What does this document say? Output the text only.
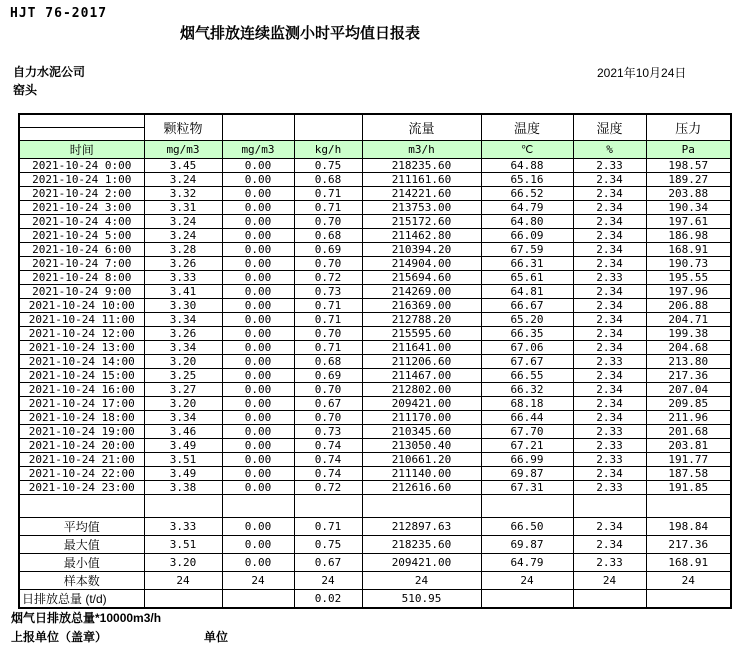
HJT 76-2017
烟气排放连续监测小时平均值日报表
自力水泥公司
窑头
2021年10月24日
	颗粒物			流量	温度	湿度	压力
时间	mg/m3	mg/m3	kg/h	m3/h	℃	%	Pa
2021-10-24 0:00	3.45	0.00	0.75	218235.60	64.88	2.33	198.57
2021-10-24 1:00	3.24	0.00	0.68	211161.60	65.16	2.34	189.27
2021-10-24 2:00	3.32	0.00	0.71	214221.60	66.52	2.34	203.88
2021-10-24 3:00	3.31	0.00	0.71	213753.00	64.79	2.34	190.34
2021-10-24 4:00	3.24	0.00	0.70	215172.60	64.80	2.34	197.61
2021-10-24 5:00	3.24	0.00	0.68	211462.80	66.09	2.34	186.98
2021-10-24 6:00	3.28	0.00	0.69	210394.20	67.59	2.34	168.91
2021-10-24 7:00	3.26	0.00	0.70	214904.00	66.31	2.34	190.73
2021-10-24 8:00	3.33	0.00	0.72	215694.60	65.61	2.33	195.55
2021-10-24 9:00	3.41	0.00	0.73	214269.00	64.81	2.34	197.96
2021-10-24 10:00	3.30	0.00	0.71	216369.00	66.67	2.34	206.88
2021-10-24 11:00	3.34	0.00	0.71	212788.20	65.20	2.34	204.71
2021-10-24 12:00	3.26	0.00	0.70	215595.60	66.35	2.34	199.38
2021-10-24 13:00	3.34	0.00	0.71	211641.00	67.06	2.34	204.68
2021-10-24 14:00	3.20	0.00	0.68	211206.60	67.67	2.33	213.80
2021-10-24 15:00	3.25	0.00	0.69	211467.00	66.55	2.34	217.36
2021-10-24 16:00	3.27	0.00	0.70	212802.00	66.32	2.34	207.04
2021-10-24 17:00	3.20	0.00	0.67	209421.00	68.18	2.34	209.85
2021-10-24 18:00	3.34	0.00	0.70	211170.00	66.44	2.34	211.96
2021-10-24 19:00	3.46	0.00	0.73	210345.60	67.70	2.33	201.68
2021-10-24 20:00	3.49	0.00	0.74	213050.40	67.21	2.33	203.81
2021-10-24 21:00	3.51	0.00	0.74	210661.20	66.99	2.33	191.77
2021-10-24 22:00	3.49	0.00	0.74	211140.00	69.87	2.34	187.58
2021-10-24 23:00	3.38	0.00	0.72	212616.60	67.31	2.33	191.85

平均值	3.33	0.00	0.71	212897.63	66.50	2.34	198.84
最大值	3.51	0.00	0.75	218235.60	69.87	2.34	217.36
最小值	3.20	0.00	0.67	209421.00	64.79	2.33	168.91
样本数	24	24	24	24	24	24	24
日排放总量 (t/d)			0.02	510.95			
烟气日排放总量*10000m3/h
上报单位（盖章）	单位
